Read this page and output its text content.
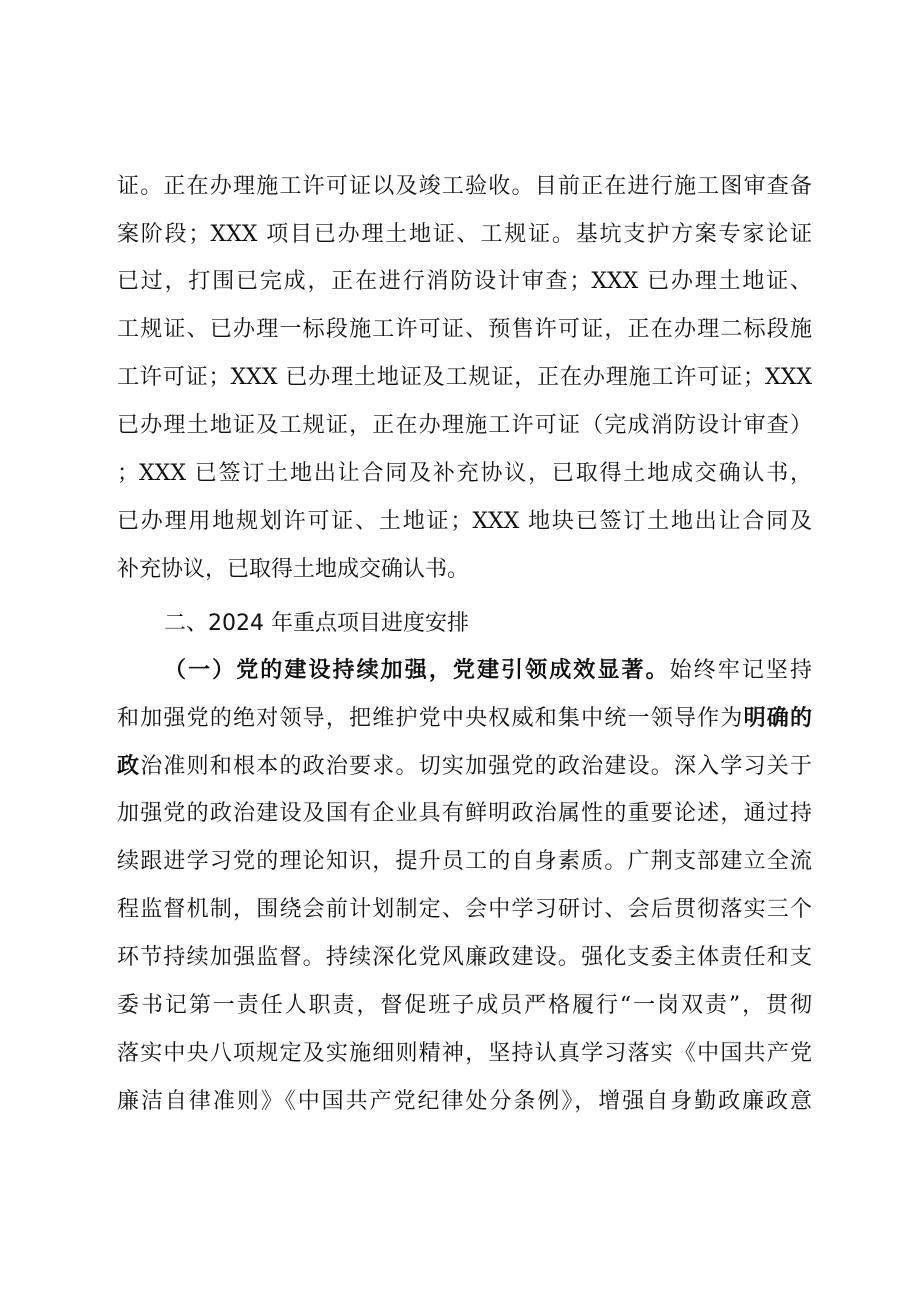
证。正在办理施工许可证以及竣工验收。目前正在进行施工图审查备
案阶段；XXX 项目已办理土地证、工规证。基坑支护方案专家论证
已过，打围已完成，正在进行消防设计审查；XXX 已办理土地证、
工规证、已办理一标段施工许可证、预售许可证，正在办理二标段施
工许可证；XXX 已办理土地证及工规证，正在办理施工许可证；XXX
已办理土地证及工规证，正在办理施工许可证（完成消防设计审查）
；XXX 已签订土地出让合同及补充协议，已取得土地成交确认书，
已办理用地规划许可证、土地证；XXX 地块已签订土地出让合同及
补充协议，已取得土地成交确认书。
二、2024 年重点项目进度安排
（一）党的建设持续加强，党建引领成效显著。始终牢记坚持
和加强党的绝对领导，把维护党中央权威和集中统一领导作为明确的
政治准则和根本的政治要求。切实加强党的政治建设。深入学习关于
加强党的政治建设及国有企业具有鲜明政治属性的重要论述，通过持
续跟进学习党的理论知识，提升员工的自身素质。广荆支部建立全流
程监督机制，围绕会前计划制定、会中学习研讨、会后贯彻落实三个
环节持续加强监督。持续深化党风廉政建设。强化支委主体责任和支
委书记第一责任人职责，督促班子成员严格履行“一岗双责”，贯彻
落实中央八项规定及实施细则精神，坚持认真学习落实《中国共产党
廉洁自律准则》《中国共产党纪律处分条例》，增强自身勤政廉政意
